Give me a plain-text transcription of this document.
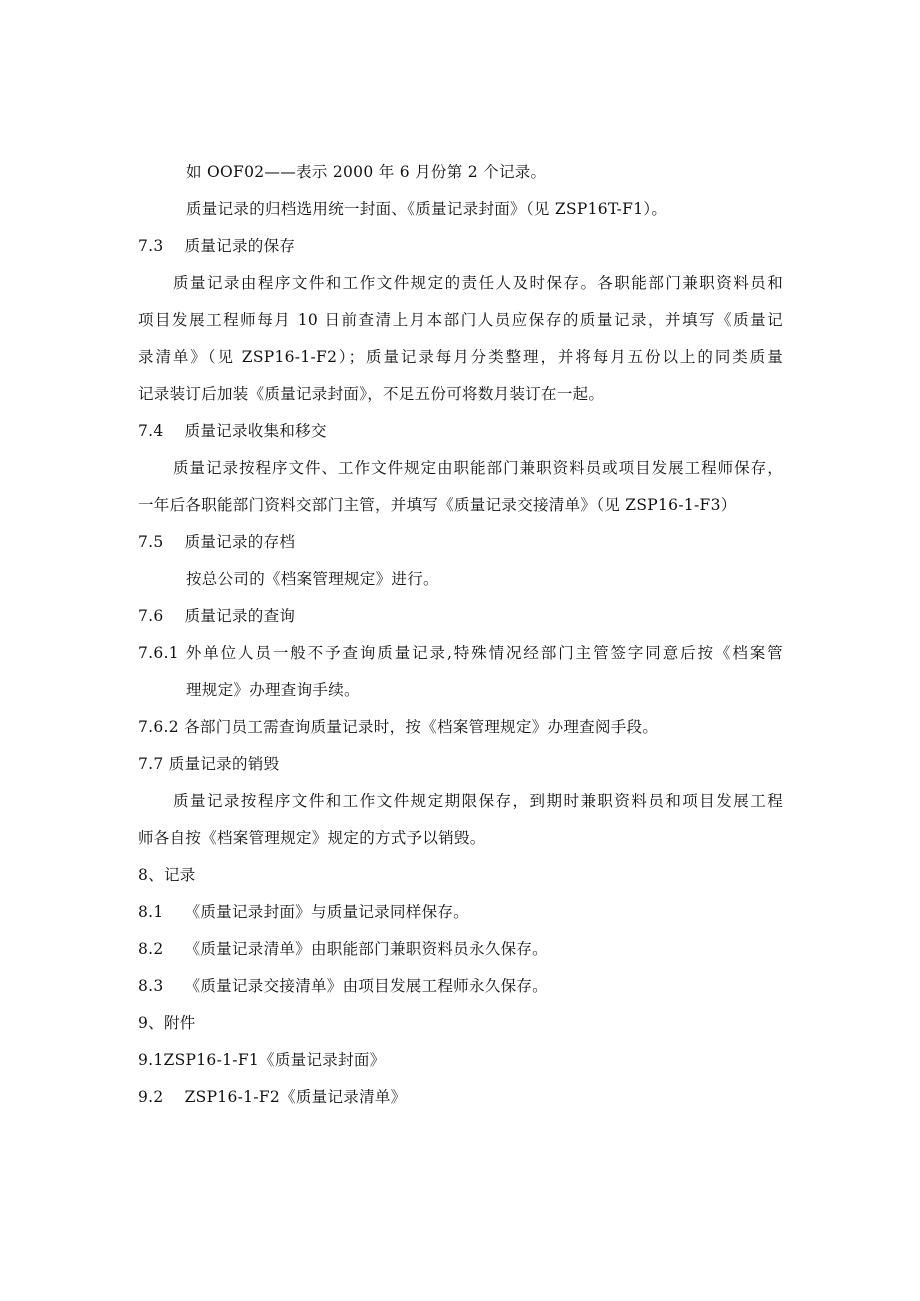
如 OOF02——表示 2000 年 6 月份第 2 个记录。
质量记录的归档选用统一封面、《质量记录封面》（见 ZSP16T-F1）。
7.3　 质量记录的保存
质量记录由程序文件和工作文件规定的责任人及时保存。各职能部门兼职资料员和
项目发展工程师每月 10 日前查清上月本部门人员应保存的质量记录，并填写《质量记
录清单》（见 ZSP16-1-F2）；质量记录每月分类整理，并将每月五份以上的同类质量
记录装订后加装《质量记录封面》，不足五份可将数月装订在一起。
7.4　 质量记录收集和移交
质量记录按程序文件、工作文件规定由职能部门兼职资料员或项目发展工程师保存，
一年后各职能部门资料交部门主管，并填写《质量记录交接清单》（见 ZSP16-1-F3）
7.5　 质量记录的存档
按总公司的《档案管理规定》进行。
7.6　 质量记录的查询
7.6.1 外单位人员一般不予查询质量记录,特殊情况经部门主管签字同意后按《档案管
理规定》办理查询手续。
7.6.2 各部门员工需查询质量记录时，按《档案管理规定》办理查阅手段。
7.7 质量记录的销毁
质量记录按程序文件和工作文件规定期限保存，到期时兼职资料员和项目发展工程
师各自按《档案管理规定》规定的方式予以销毁。
8、记录
8.1　 《质量记录封面》与质量记录同样保存。
8.2　 《质量记录清单》由职能部门兼职资料员永久保存。
8.3　 《质量记录交接清单》由项目发展工程师永久保存。
9、附件
9.1ZSP16-1-F1《质量记录封面》
9.2　 ZSP16-1-F2《质量记录清单》
